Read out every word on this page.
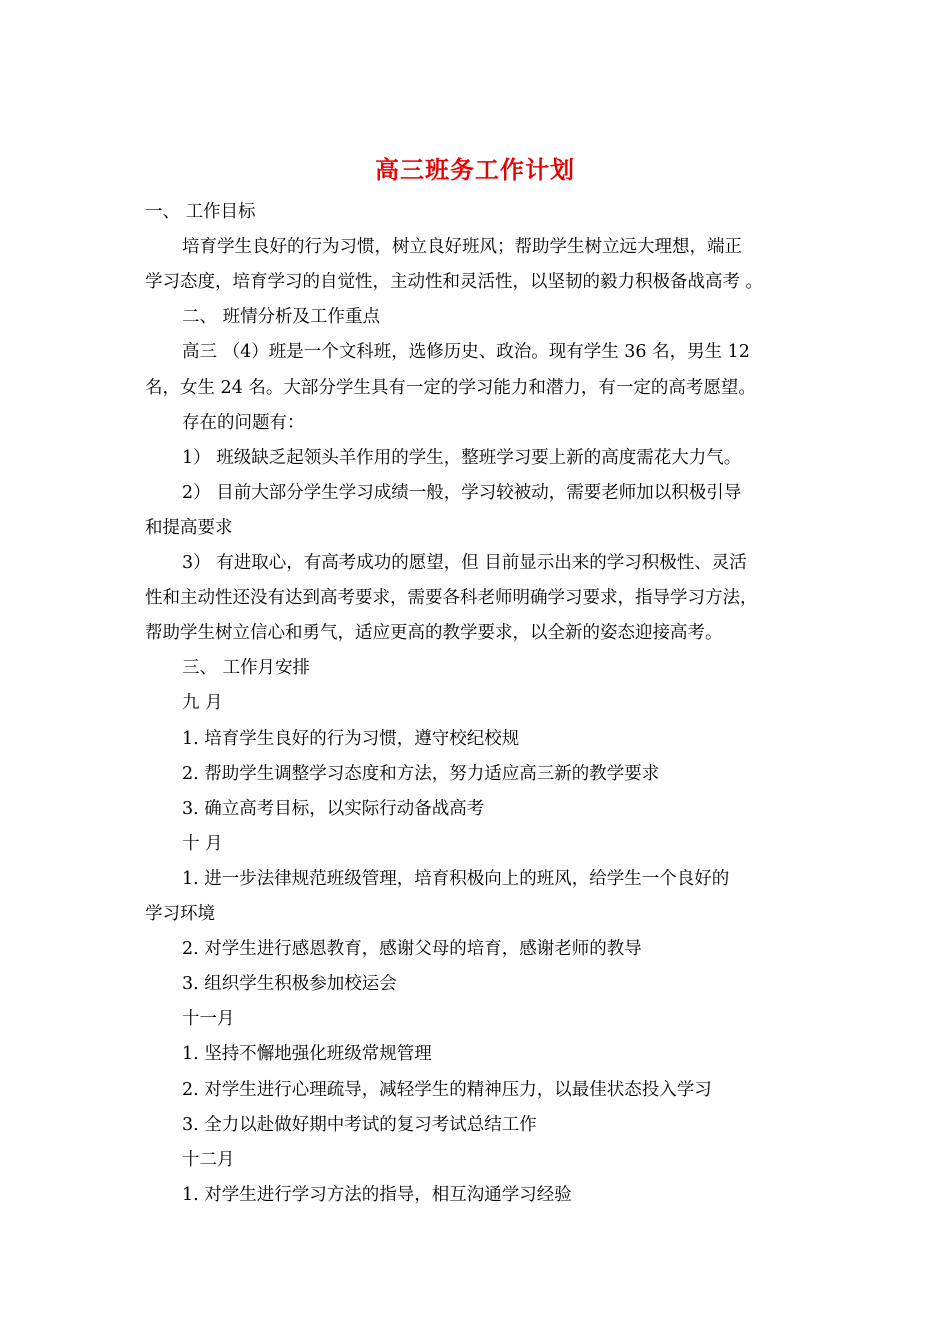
高三班务工作计划
一、 工作目标
培育学生良好的行为习惯，树立良好班风；帮助学生树立远大理想，端正
学习态度，培育学习的自觉性，主动性和灵活性，以坚韧的毅力积极备战高考 。
二、 班情分析及工作重点
高三 （4）班是一个文科班，选修历史、政治。现有学生 36 名，男生 12
名，女生 24 名。大部分学生具有一定的学习能力和潜力，有一定的高考愿望。
存在的问题有：
1） 班级缺乏起领头羊作用的学生，整班学习要上新的高度需花大力气。
2） 目前大部分学生学习成绩一般，学习较被动，需要老师加以积极引导
和提高要求
3） 有进取心，有高考成功的愿望，但 目前显示出来的学习积极性、灵活
性和主动性还没有达到高考要求，需要各科老师明确学习要求，指导学习方法，
帮助学生树立信心和勇气，适应更高的教学要求，以全新的姿态迎接高考。
三、 工作月安排
九 月
1. 培育学生良好的行为习惯，遵守校纪校规
2. 帮助学生调整学习态度和方法，努力适应高三新的教学要求
3. 确立高考目标，以实际行动备战高考
十 月
1. 进一步法律规范班级管理，培育积极向上的班风，给学生一个良好的
学习环境
2. 对学生进行感恩教育，感谢父母的培育，感谢老师的教导
3. 组织学生积极参加校运会
十一月
1. 坚持不懈地强化班级常规管理
2. 对学生进行心理疏导，减轻学生的精神压力，以最佳状态投入学习
3. 全力以赴做好期中考试的复习考试总结工作
十二月
1. 对学生进行学习方法的指导，相互沟通学习经验
